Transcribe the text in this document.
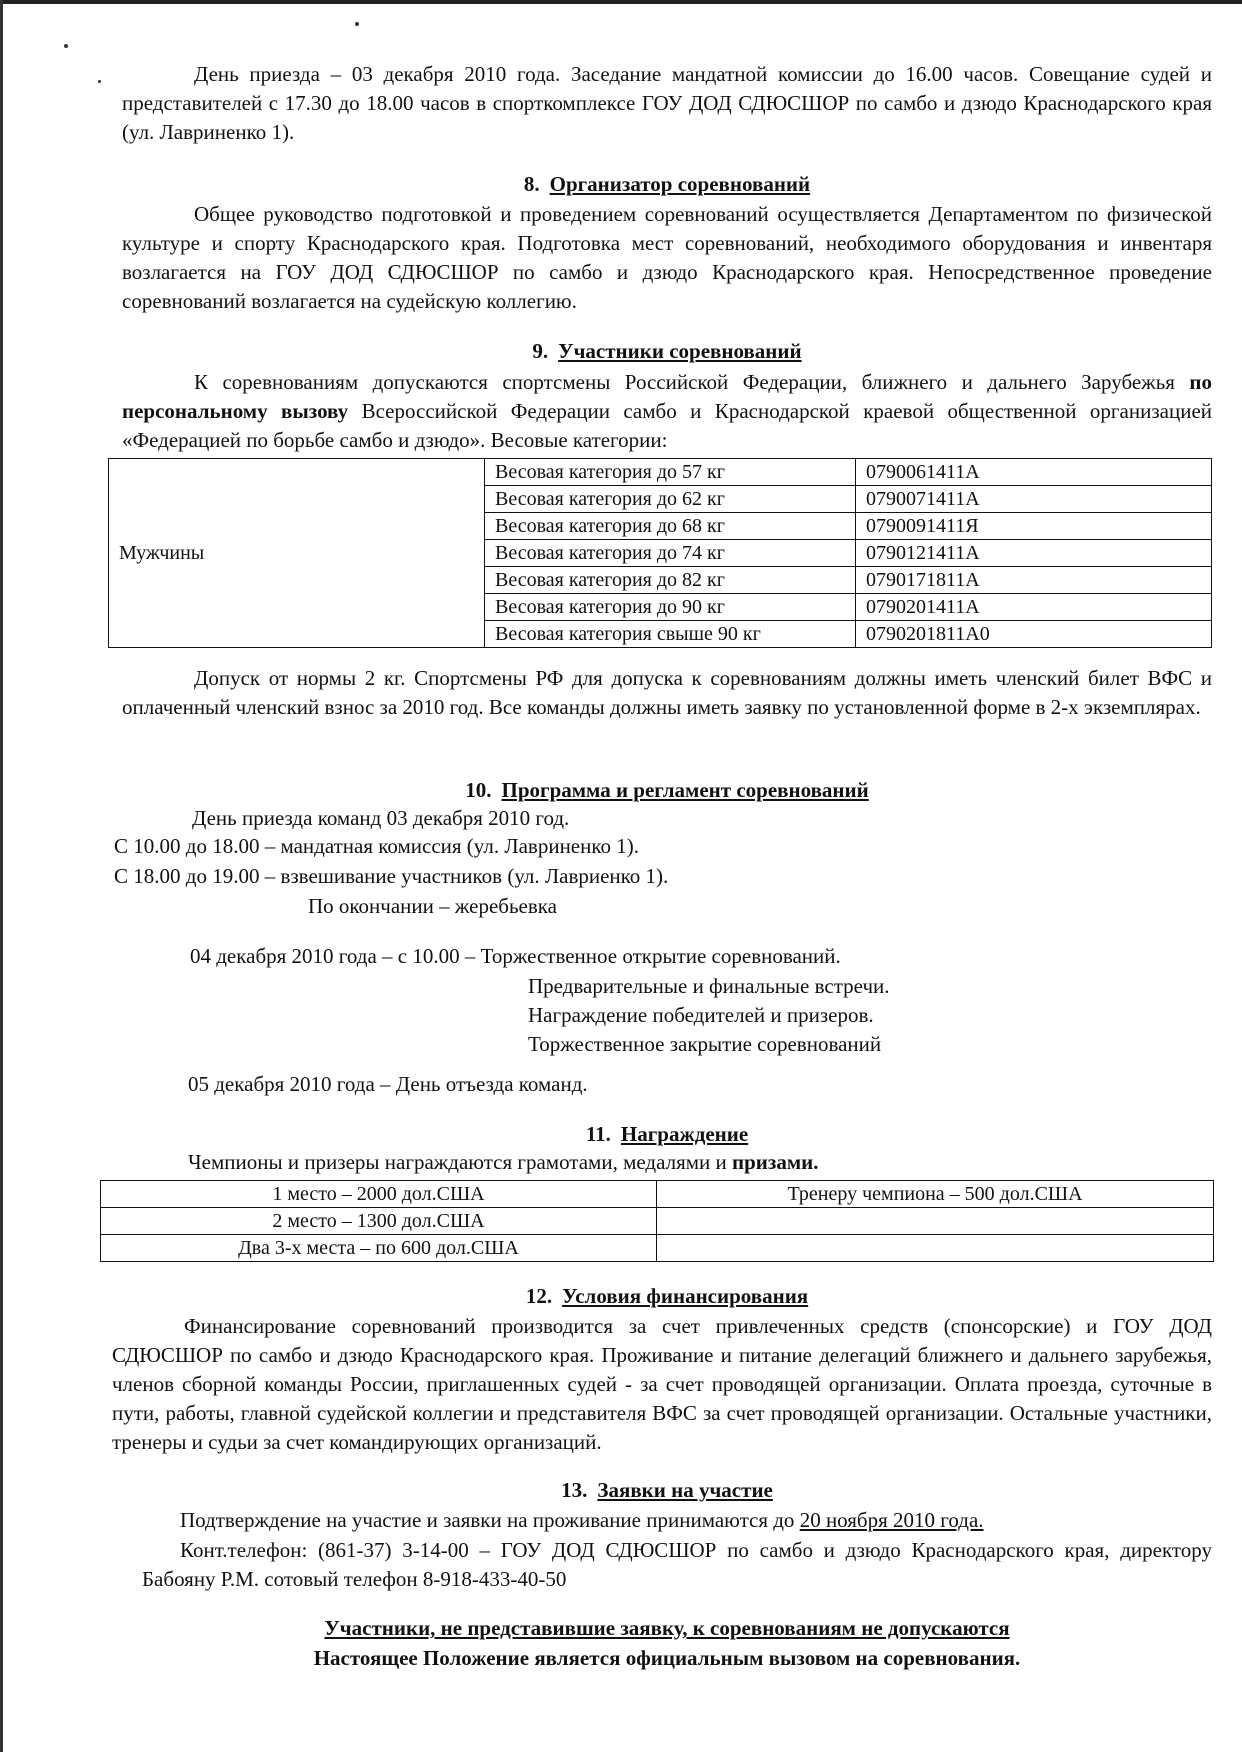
День приезда – 03 декабря 2010 года. Заседание мандатной комиссии до 16.00 часов. Совещание судей и представителей с 17.30 до 18.00 часов в спорткомплексе ГОУ ДОД СДЮСШОР по самбо и дзюдо Краснодарского края (ул. Лавриненко 1).

8. Организатор соревнований

Общее руководство подготовкой и проведением соревнований осуществляется Департаментом по физической культуре и спорту Краснодарского края. Подготовка мест соревнований, необходимого оборудования и инвентаря возлагается на ГОУ ДОД СДЮСШОР по самбо и дзюдо Краснодарского края. Непосредственное проведение соревнований возлагается на судейскую коллегию.

9. Участники соревнований

К соревнованиям допускаются спортсмены Российской Федерации, ближнего и дальнего Зарубежья по персональному вызову Всероссийской Федерации самбо и Краснодарской краевой общественной организацией «Федерацией по борьбе самбо и дзюдо». Весовые категории:

Мужчины	Весовая категория до 57 кг	0790061411А
	Весовая категория до 62 кг	0790071411А
	Весовая категория до 68 кг	0790091411Я
	Весовая категория до 74 кг	0790121411А
	Весовая категория до 82 кг	0790171811А
	Весовая категория до 90 кг	0790201411А
	Весовая категория свыше 90 кг	0790201811А0

Допуск от нормы 2 кг. Спортсмены РФ для допуска к соревнованиям должны иметь членский билет ВФС и оплаченный членский взнос за 2010 год. Все команды должны иметь заявку по установленной форме в 2-х экземплярах.

10. Программа и регламент соревнований
День приезда команд 03 декабря 2010 год.
С 10.00 до 18.00 – мандатная комиссия (ул. Лавриненко 1).
С 18.00 до 19.00 – взвешивание участников (ул. Лавриенко 1).
По окончании – жеребьевка
04 декабря 2010 года – с 10.00 – Торжественное открытие соревнований.
Предварительные и финальные встречи.
Награждение победителей и призеров.
Торжественное закрытие соревнований
05 декабря 2010 года – День отъезда команд.
11. Награждение
Чемпионы и призеры награждаются грамотами, медалями и призами.
1 место – 2000 дол.США	Тренеру чемпиона – 500 дол.США
2 место – 1300 дол.США	
Два 3-х места – по 600 дол.США	
12. Условия финансирования

Финансирование соревнований производится за счет привлеченных средств (спонсорские) и ГОУ ДОД СДЮСШОР по самбо и дзюдо Краснодарского края. Проживание и питание делегаций ближнего и дальнего зарубежья, членов сборной команды России, приглашенных судей - за счет проводящей организации. Оплата проезда, суточные в пути, работы, главной судейской коллегии и представителя ВФС за счет проводящей организации. Остальные участники, тренеры и судьи за счет командирующих организаций.

13. Заявки на участие
Подтверждение на участие и заявки на проживание принимаются до 20 ноября 2010 года.

Конт.телефон: (861-37) 3-14-00 – ГОУ ДОД СДЮСШОР по самбо и дзюдо Краснодарского края, директору Бабояну Р.М. сотовый телефон 8-918-433-40-50

Участники, не представившие заявку, к соревнованиям не допускаются
Настоящее Положение является официальным вызовом на соревнования.
